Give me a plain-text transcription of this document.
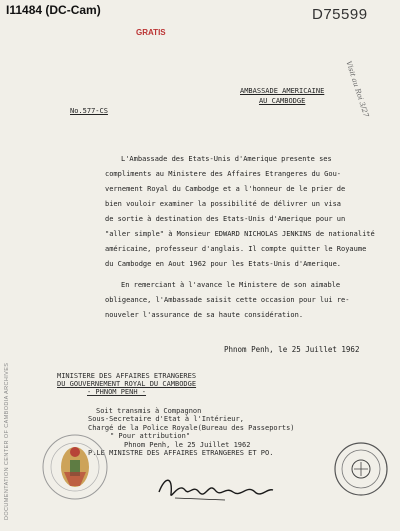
I11484 (DC-Cam)	D75599
GRATIS
Visit au Roi 3/27
AMBASSADE AMERICAINE
AU CAMBODGE
No.577-CS

L'Ambassade des Etats-Unis d'Amerique presente ses

compliments au Ministere des Affaires Etrangeres du Gou-

vernement Royal du Cambodge et a l'honneur de le prier de

bien vouloir examiner la possibilité de délivrer un visa

de sortie à destination des Etats-Unis d'Amerique pour un

"aller simple" à Monsieur EDWARD NICHOLAS JENKINS de nationalité

américaine, professeur d'anglais. Il compte quitter le Royaume

du Cambodge en Aout 1962 pour les Etats-Unis d'Amerique.

En remerciant à l'avance le Ministere de son aimable

obligeance, l'Ambassade saisit cette occasion pour lui re-

nouveler l'assurance de sa haute considération.

Phnom Penh, le 25 Juillet 1962
MINISTERE DES AFFAIRES ETRANGERES
DU GOUVERNEMENT ROYAL DU CAMBODGE
- PHNOM PENH -
Soit transmis à Compagnon
Sous-Secretaire d'Etat à l'Intérieur,
Chargé de la Police Royale(Bureau des Passeports)
" Pour attribution"
Phnom Penh, le 25 Juillet 1962
P.LE MINISTRE DES AFFAIRES ETRANGERES ET PO.
DOCUMENTATION CENTER OF CAMBODIA ARCHIVES
